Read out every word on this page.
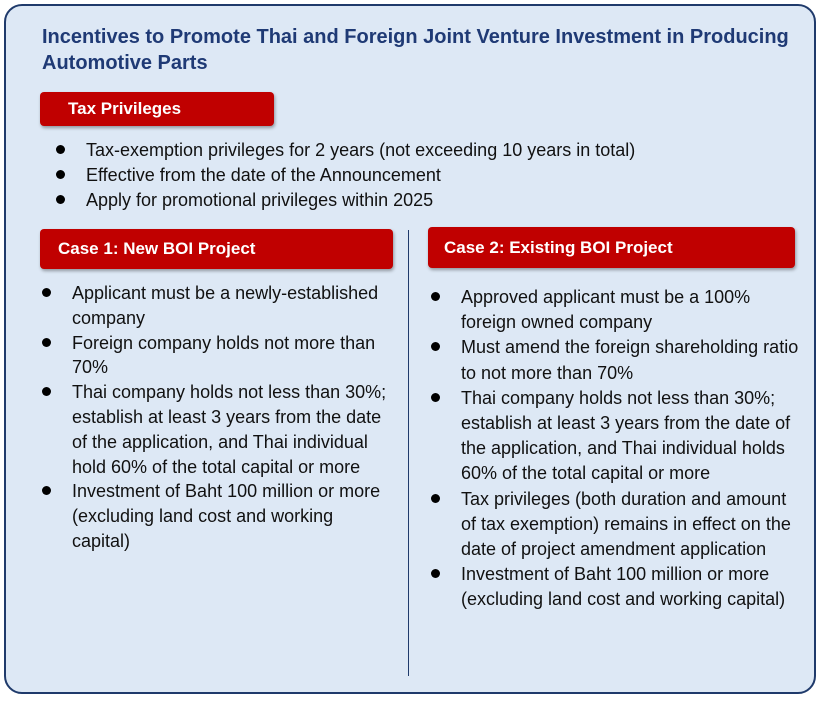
Incentives to Promote Thai and Foreign Joint Venture Investment in Producing Automotive Parts
Tax Privileges
Tax-exemption privileges for 2 years (not exceeding 10 years in total)
Effective from the date of the Announcement
Apply for promotional privileges within 2025
Case 1: New BOI Project	Case 2: Existing BOI Project
Applicant must be a newly-established company
Foreign company holds not more than 70%
Thai company holds not less than 30%; establish at least 3 years from the date of the application, and Thai individual hold 60% of the total capital or more
Investment of Baht 100 million or more (excluding land cost and working capital)
Approved applicant must be a 100% foreign owned company
Must amend the foreign shareholding ratio to not more than 70%
Thai company holds not less than 30%; establish at least 3 years from the date of the application, and Thai individual holds 60% of the total capital or more
Tax privileges (both duration and amount of tax exemption) remains in effect on the date of project amendment application
Investment of Baht 100 million or more (excluding land cost and working capital)
